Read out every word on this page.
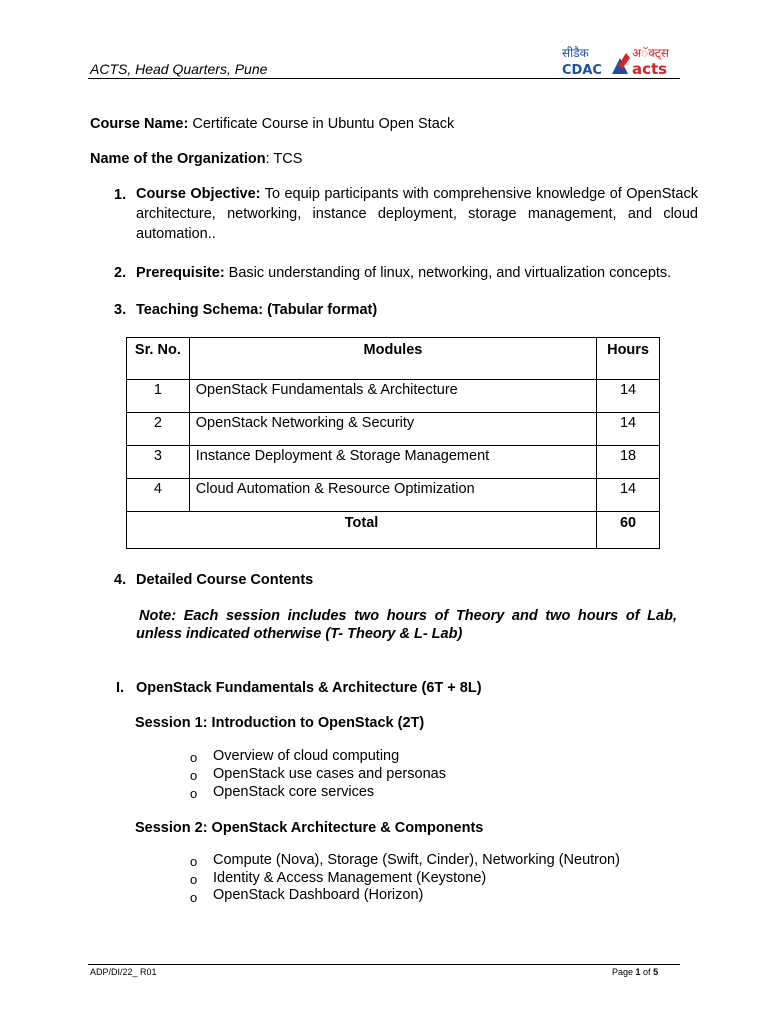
ACTS, Head Quarters, Pune
सीडैक
CDAC
अॅक्ट्स
acts
Course Name: Certificate Course in Ubuntu Open Stack
Name of the Organization: TCS
1. Course Objective: To equip participants with comprehensive knowledge of OpenStack architecture, networking, instance deployment, storage management, and cloud automation..
2. Prerequisite: Basic understanding of linux, networking, and virtualization concepts.
3. Teaching Schema: (Tabular format)
Sr. No.	Modules	Hours
1	OpenStack Fundamentals & Architecture	14
2	OpenStack Networking & Security	14
3	Instance Deployment & Storage Management	18
4	Cloud Automation & Resource Optimization	14
Total		60
4. Detailed Course Contents
Note: Each session includes two hours of Theory and two hours of Lab,
unless indicated otherwise (T- Theory & L- Lab)
I. OpenStack Fundamentals & Architecture (6T + 8L)
Session 1: Introduction to OpenStack (2T)
o Overview of cloud computing
o OpenStack use cases and personas
o OpenStack core services
Session 2: OpenStack Architecture & Components
o Compute (Nova), Storage (Swift, Cinder), Networking (Neutron)
o Identity & Access Management (Keystone)
o OpenStack Dashboard (Horizon)
ADP/DI/22_ R01	Page 1 of 5
